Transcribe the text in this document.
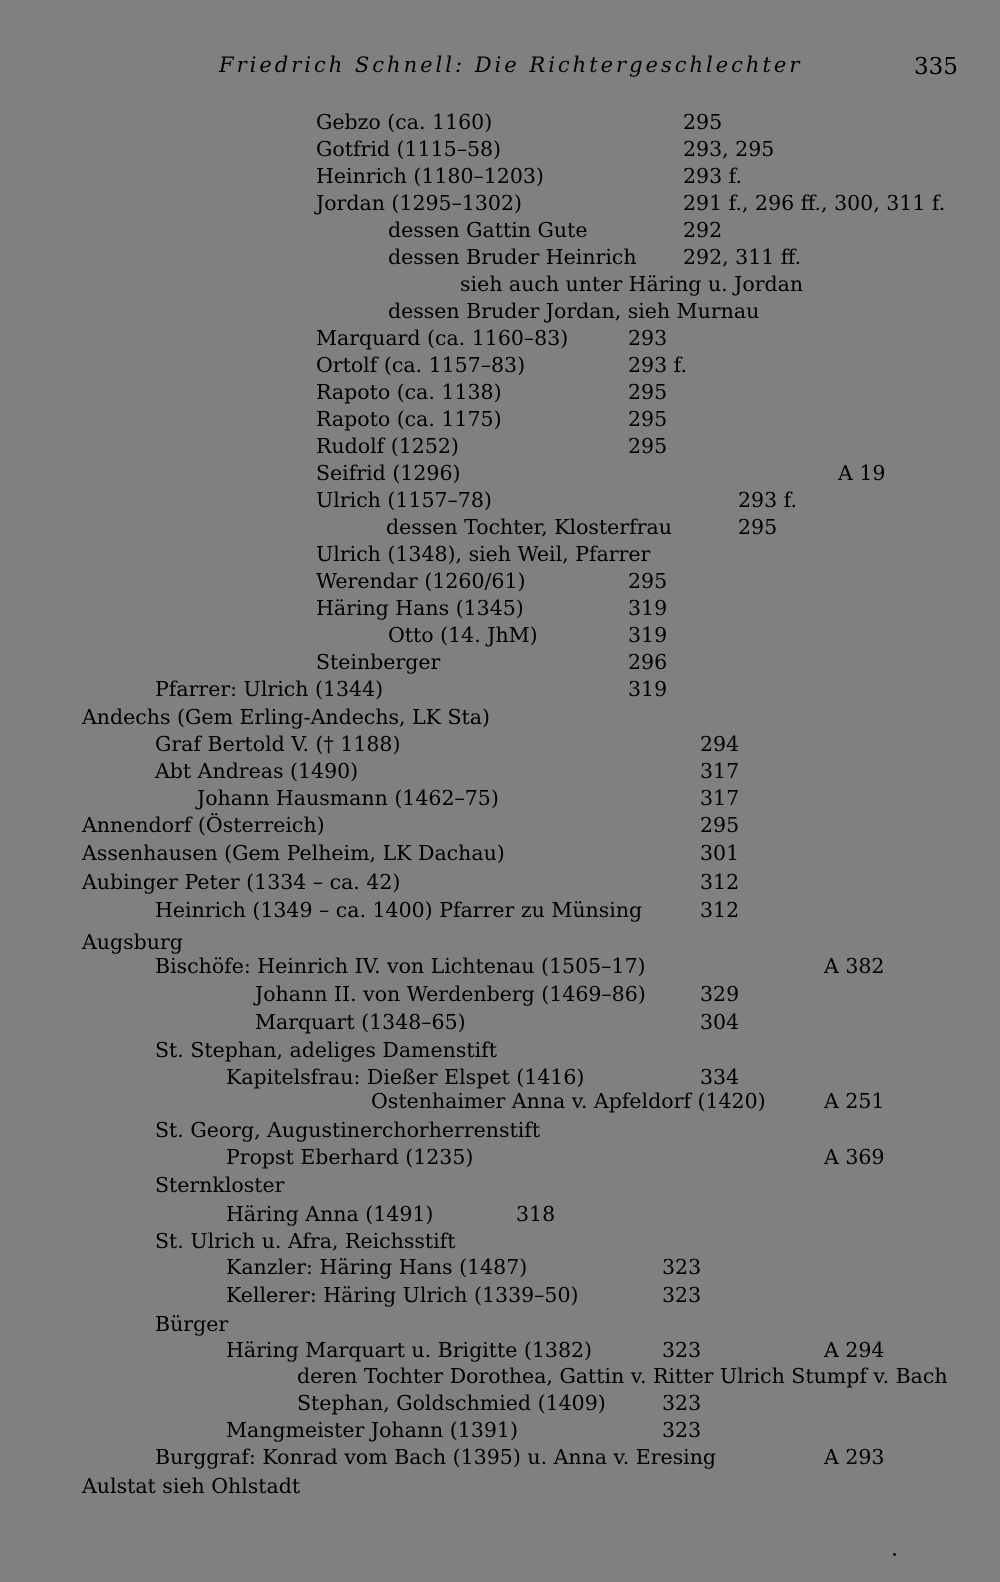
Friedrich Schnell: Die Richtergeschlechter	335
Gebzo (ca. 1160)	295
Gotfrid (1115–58)	293, 295
Heinrich (1180–1203)	293 f.
Jordan (1295–1302)	291 f., 296 ff., 300, 311 f.
dessen Gattin Gute	292
dessen Bruder Heinrich 292, 311 ff.
sieh auch unter Häring u. Jordan
dessen Bruder Jordan, sieh Murnau
Marquard (ca. 1160–83)	293
Ortolf (ca. 1157–83)	293 f.
Rapoto (ca. 1138)	295
Rapoto (ca. 1175)	295
Rudolf (1252)	295
Seifrid (1296)	A 19
Ulrich (1157–78)	293 f.
dessen Tochter, Klosterfrau	295
Ulrich (1348), sieh Weil, Pfarrer
Werendar (1260/61)	295
Häring Hans (1345)	319
Otto (14. JhM)	319
Steinberger	296
Pfarrer: Ulrich (1344)	319
Andechs (Gem Erling-Andechs, LK Sta)
Graf Bertold V. († 1188)	294
Abt Andreas (1490)	317
Johann Hausmann (1462–75)	317
Annendorf (Österreich)	295
Assenhausen (Gem Pelheim, LK Dachau)	301
Aubinger Peter (1334 – ca. 42)	312
Heinrich (1349 – ca. 1400) Pfarrer zu Münsing	312
Augsburg
Bischöfe: Heinrich IV. von Lichtenau (1505–17)	A 382
Johann II. von Werdenberg (1469–86)	329
Marquart (1348–65)	304
St. Stephan, adeliges Damenstift
Kapitelsfrau: Dießer Elspet (1416)	334
Ostenhaimer Anna v. Apfeldorf (1420)	A 251
St. Georg, Augustinerchorherrenstift
Propst Eberhard (1235)	A 369
Sternkloster
Häring Anna (1491)	318
St. Ulrich u. Afra, Reichsstift
Kanzler: Häring Hans (1487)	323
Kellerer: Häring Ulrich (1339–50)	323
Bürger
Häring Marquart u. Brigitte (1382)	323	A 294
deren Tochter Dorothea, Gattin v. Ritter Ulrich Stumpf v. Bach
Stephan, Goldschmied (1409)	323
Mangmeister Johann (1391)	323
Burggraf: Konrad vom Bach (1395) u. Anna v. Eresing	A 293
Aulstat sieh Ohlstadt
